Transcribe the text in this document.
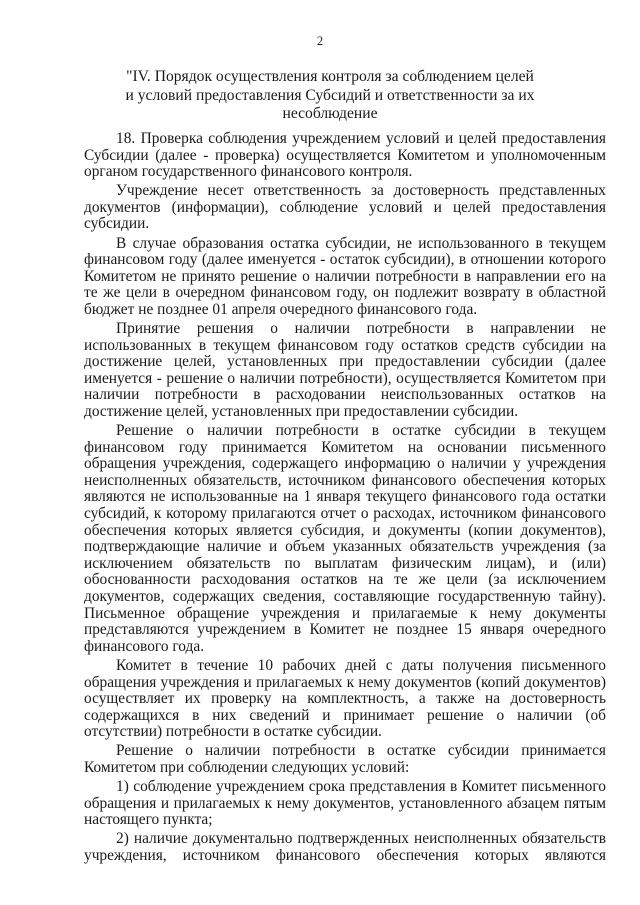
2
"IV. Порядок осуществления контроля за соблюдением целей
и условий предоставления Субсидий и ответственности за их
несоблюдение

18. Проверка соблюдения учреждением условий и целей предоставления Субсидии (далее - проверка) осуществляется Комитетом и уполномоченным органом государственного финансового контроля.

Учреждение несет ответственность за достоверность представленных документов (информации), соблюдение условий и целей предоставления субсидии.

В случае образования остатка субсидии, не использованного в текущем финансовом году (далее именуется - остаток субсидии), в отношении которого Комитетом не принято решение о наличии потребности в направлении его на те же цели в очередном финансовом году, он подлежит возврату в областной бюджет не позднее 01 апреля очередного финансового года.

Принятие решения о наличии потребности в направлении не использованных в текущем финансовом году остатков средств субсидии на достижение целей, установленных при предоставлении субсидии (далее именуется - решение о наличии потребности), осуществляется Комитетом при наличии потребности в расходовании неиспользованных остатков на достижение целей, установленных при предоставлении субсидии.

Решение о наличии потребности в остатке субсидии в текущем финансовом году принимается Комитетом на основании письменного обращения учреждения, содержащего информацию о наличии у учреждения неисполненных обязательств, источником финансового обеспечения которых являются не использованные на 1 января текущего финансового года остатки субсидий, к которому прилагаются отчет о расходах, источником финансового обеспечения которых является субсидия, и документы (копии документов), подтверждающие наличие и объем указанных обязательств учреждения (за исключением обязательств по выплатам физическим лицам), и (или) обоснованности расходования остатков на те же цели (за исключением документов, содержащих сведения, составляющие государственную тайну). Письменное обращение учреждения и прилагаемые к нему документы представляются учреждением в Комитет не позднее 15 января очередного финансового года.

Комитет в течение 10 рабочих дней с даты получения письменного обращения учреждения и прилагаемых к нему документов (копий документов) осуществляет их проверку на комплектность, а также на достоверность содержащихся в них сведений и принимает решение о наличии (об отсутствии) потребности в остатке субсидии.

Решение о наличии потребности в остатке субсидии принимается Комитетом при соблюдении следующих условий:

1) соблюдение учреждением срока представления в Комитет письменного обращения и прилагаемых к нему документов, установленного абзацем пятым настоящего пункта;

2) наличие документально подтвержденных неисполненных обязательств учреждения, источником финансового обеспечения которых являются
